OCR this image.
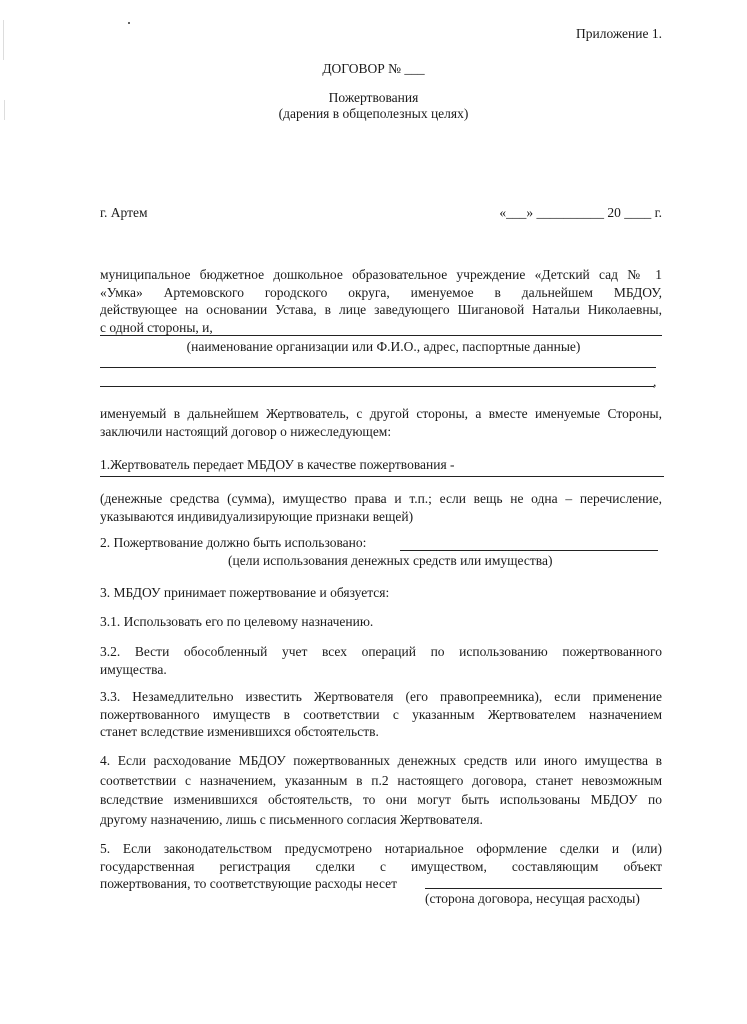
Приложение 1.
ДОГОВОР № ___
Пожертвования
(дарения в общеполезных целях)
г. Артем	«___» __________ 20 ____ г.
муниципальное бюджетное дошкольное образовательное учреждение «Детский сад № 1
«Умка» Артемовского городского округа, именуемое в дальнейшем МБДОУ,
действующее на основании Устава, в лице заведующего Шигановой Натальи Николаевны,
с одной стороны, и,
(наименование организации или Ф.И.О., адрес, паспортные данные)
,
именуемый в дальнейшем Жертвователь, с другой стороны, а вместе именуемые Стороны,
заключили настоящий договор о нижеследующем:
1.Жертвователь передает МБДОУ в качестве пожертвования -
(денежные средства (сумма), имущество права и т.п.; если вещь не одна – перечисление,
указываются индивидуализирующие признаки вещей)
2. Пожертвование должно быть использовано:
(цели использования денежных средств или имущества)
3. МБДОУ принимает пожертвование и обязуется:
3.1. Использовать его по целевому назначению.
3.2. Вести обособленный учет всех операций по использованию пожертвованного
имущества.
3.3. Незамедлительно известить Жертвователя (его правопреемника), если применение
пожертвованного имуществ в соответствии с указанным Жертвователем назначением
станет вследствие изменившихся обстоятельств.
4. Если расходование МБДОУ пожертвованных денежных средств или иного имущества в
соответствии с назначением, указанным в п.2 настоящего договора, станет невозможным
вследствие изменившихся обстоятельств, то они могут быть использованы МБДОУ по
другому назначению, лишь с письменного согласия Жертвователя.
5. Если законодательством предусмотрено нотариальное оформление сделки и (или)
государственная регистрация сделки с имуществом, составляющим объект
пожертвования, то соответствующие расходы несет
(сторона договора, несущая расходы)
